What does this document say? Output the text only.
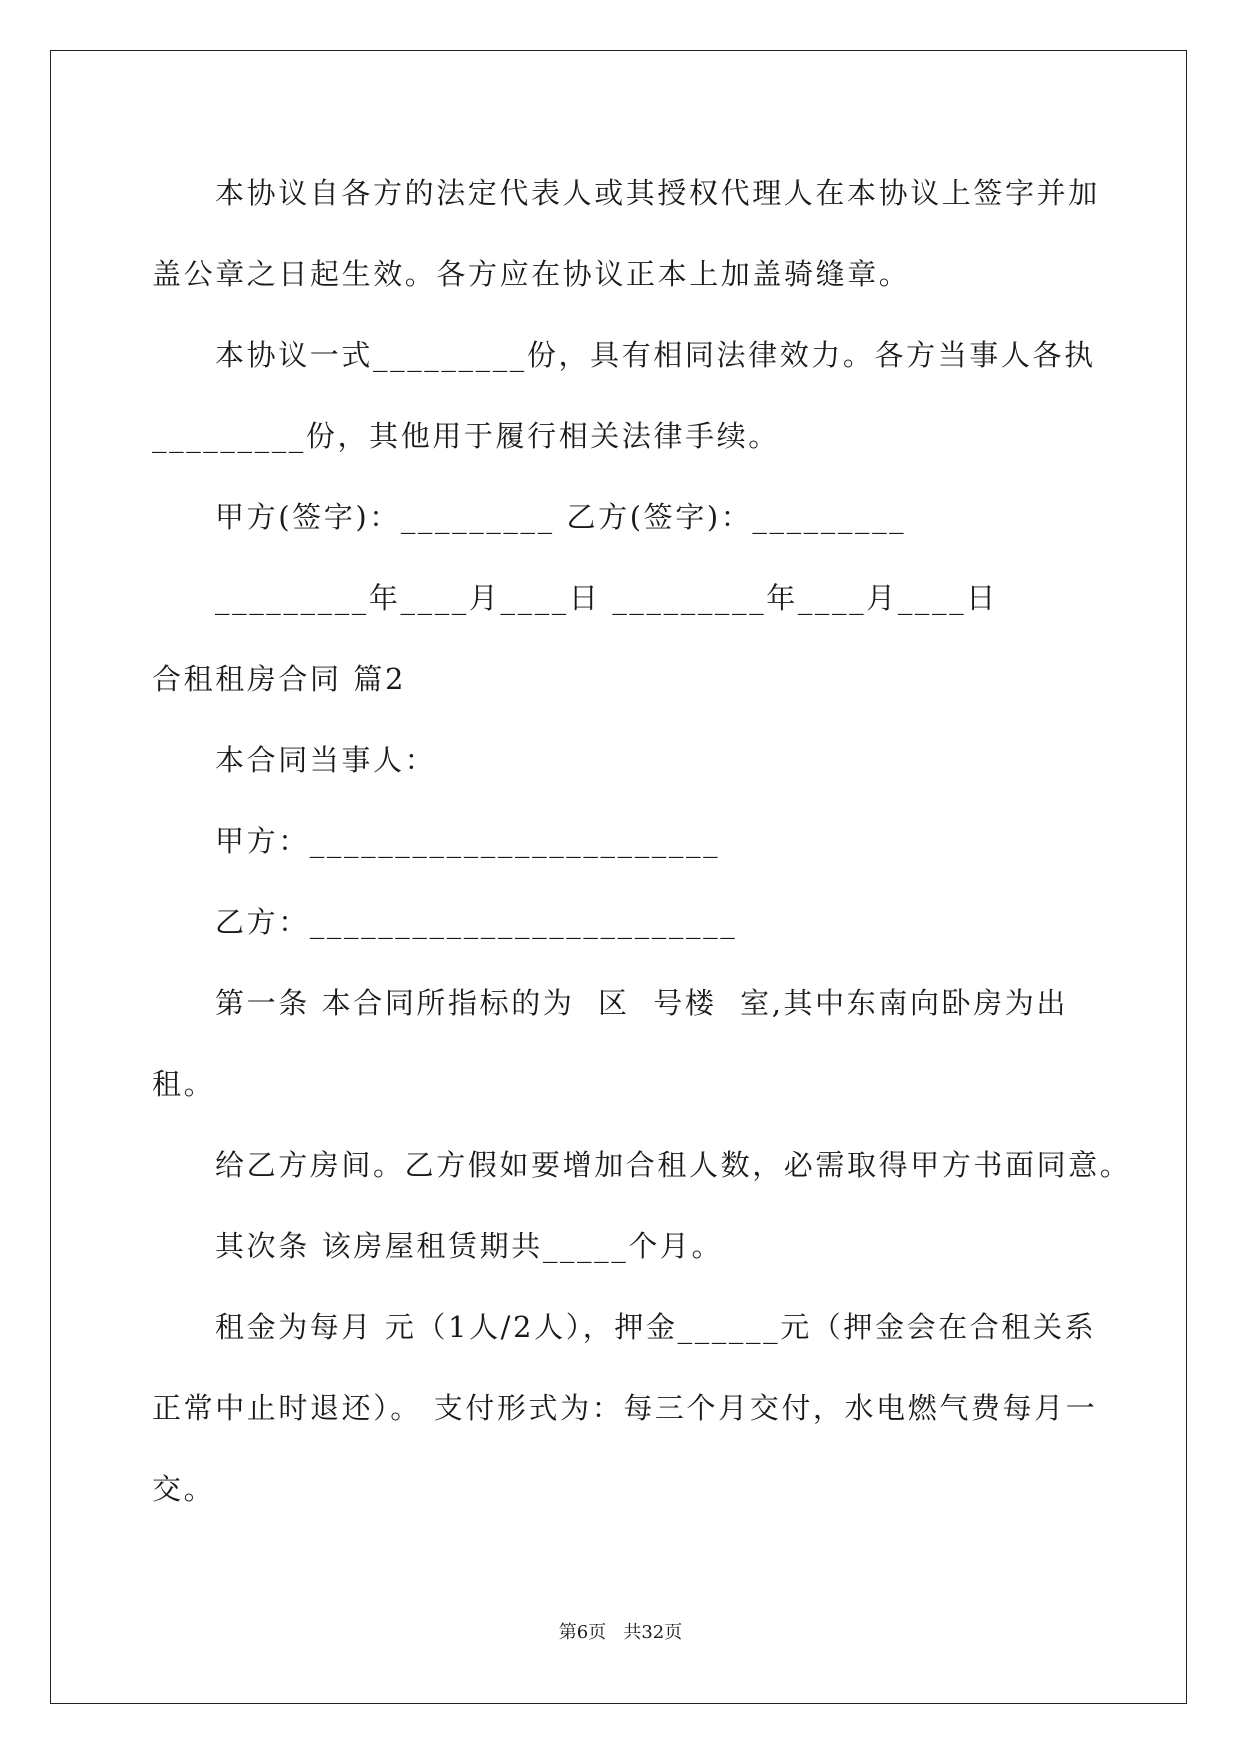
本协议自各方的法定代表人或其授权代理人在本协议上签字并加
盖公章之日起生效。各方应在协议正本上加盖骑缝章。
本协议一式_________份，具有相同法律效力。各方当事人各执
_________份，其他用于履行相关法律手续。
甲方(签字)：_________ 乙方(签字)：_________
_________年____月____日 _________年____月____日
合租租房合同 篇2
本合同当事人：
甲方：________________________
乙方：_________________________
第一条 本合同所指标的为  区  号楼  室,其中东南向卧房为出
租。
给乙方房间。乙方假如要增加合租人数，必需取得甲方书面同意。
其次条 该房屋租赁期共_____个月。
租金为每月 元（1人/2人），押金______元（押金会在合租关系
正常中止时退还）。 支付形式为：每三个月交付，水电燃气费每月一
交。
第6页   共32页
